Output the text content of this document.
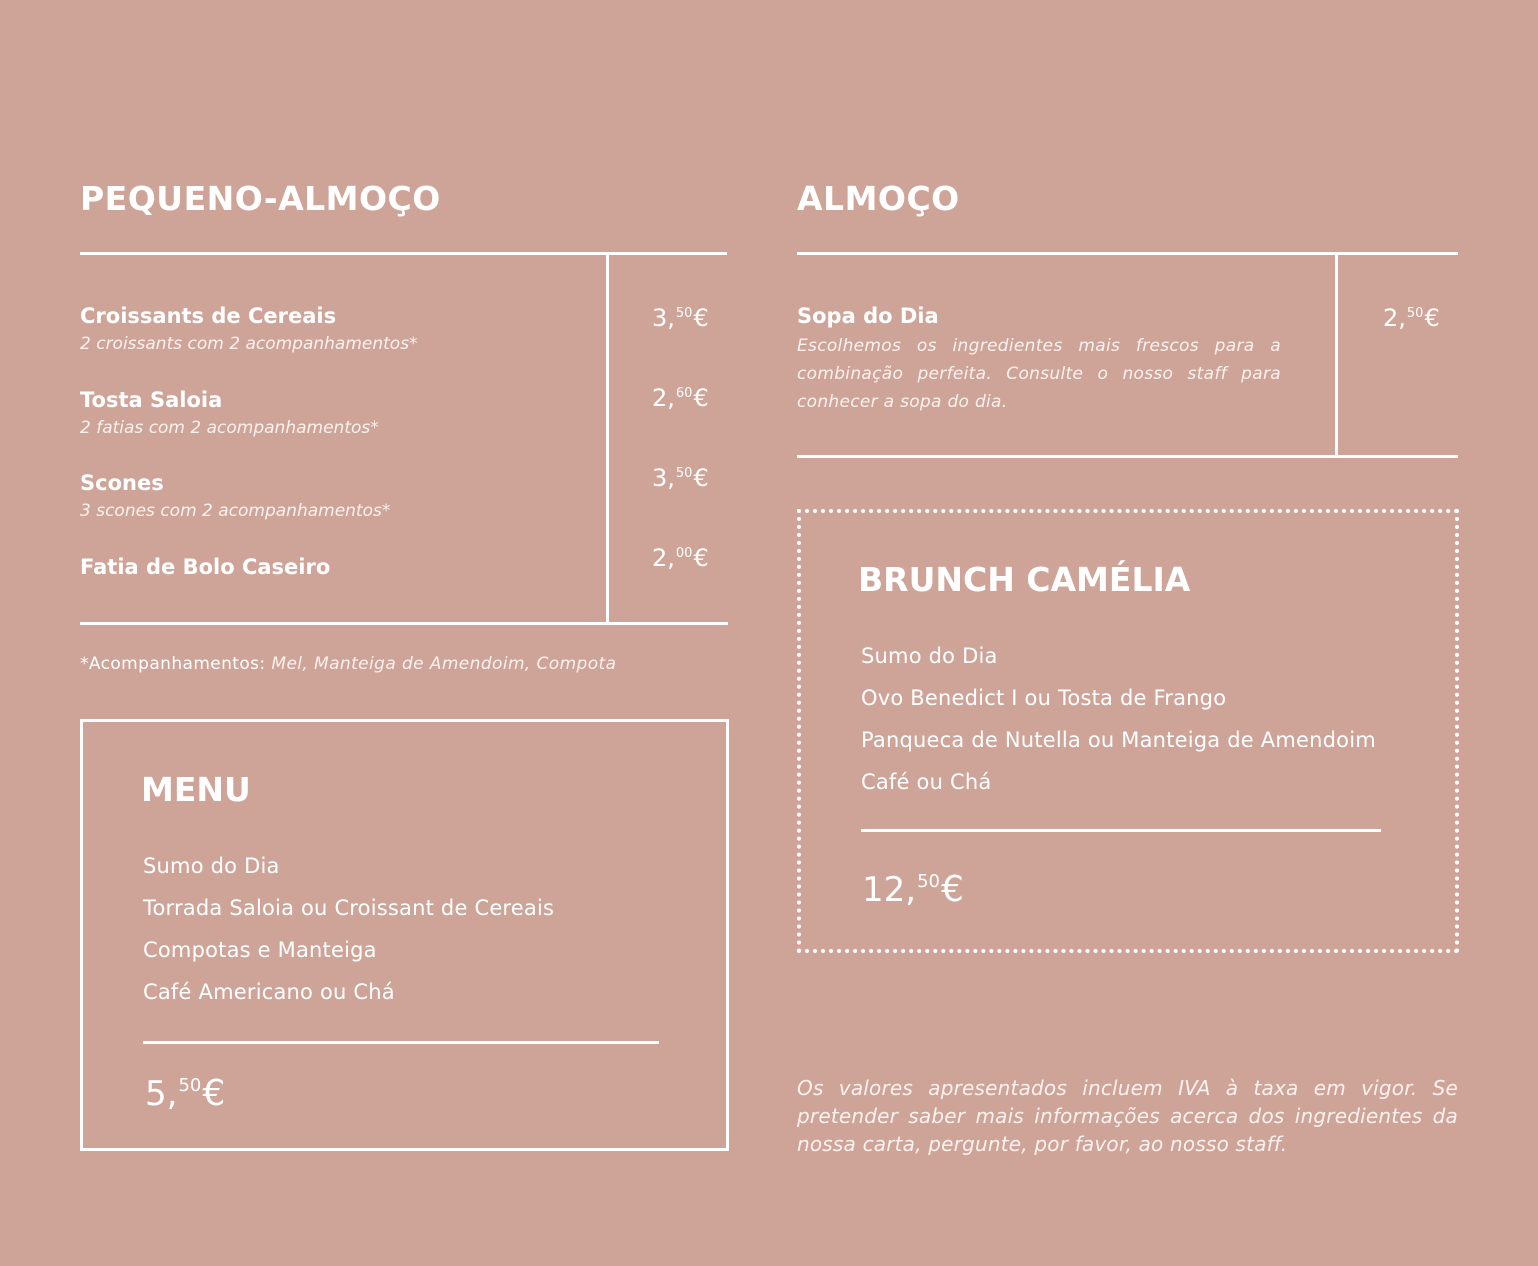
PEQUENO-ALMOÇO
Croissants de Cereais
2 croissants com 2 acompanhamentos*
3,50€
Tosta Saloia
2 fatias com 2 acompanhamentos*
2,60€
Scones
3 scones com 2 acompanhamentos*
3,50€
Fatia de Bolo Caseiro	2,00€
*Acompanhamentos: Mel, Manteiga de Amendoim, Compota
MENU
Sumo do Dia
Torrada Saloia ou Croissant de Cereais
Compotas e Manteiga
Café Americano ou Chá
5,50€
ALMOÇO
Sopa do Dia
Escolhemos os ingredientes mais frescos para a combinação perfeita. Consulte o nosso staff para conhecer a sopa do dia.
2,50€
BRUNCH CAMÉLIA
Sumo do Dia
Ovo Benedict I ou Tosta de Frango
Panqueca de Nutella ou Manteiga de Amendoim
Café ou Chá
12,50€
Os valores apresentados incluem IVA à taxa em vigor. Se pretender saber mais informações acerca dos ingredientes da nossa carta, pergunte, por favor, ao nosso staff.
